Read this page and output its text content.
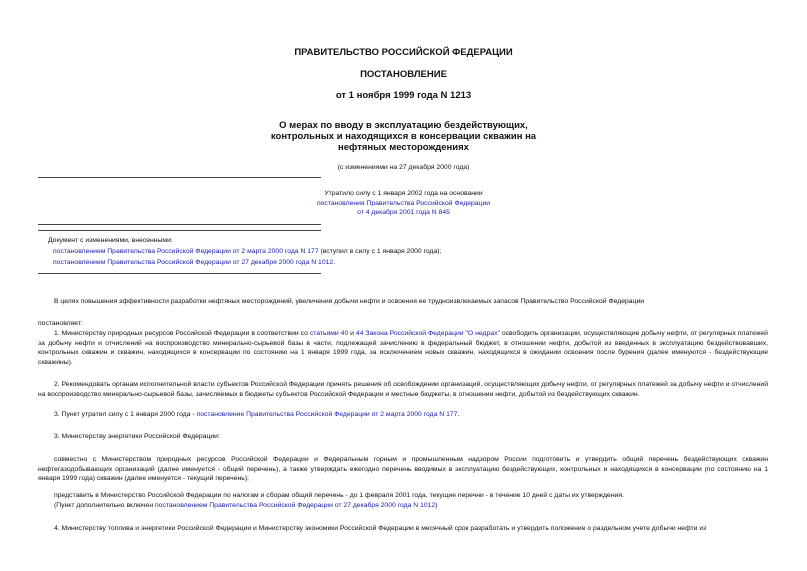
ПРАВИТЕЛЬСТВО РОССИЙСКОЙ ФЕДЕРАЦИИ
ПОСТАНОВЛЕНИЕ
от 1 ноября 1999 года N 1213
О мерах по вводу в эксплуатацию бездействующих,
контрольных и находящихся в консервации скважин на
нефтяных месторождениях
(с изменениями на 27 декабря 2000 года)
Утратило силу с 1 января 2002 года на основании
постановления Правительства Российской Федерации
от 4 декабря 2001 года N 845
Документ с изменениями, внесенными:
постановлением Правительства Российской Федерации от 2 марта 2000 года N 177 (вступил в силу с 1 января 2000 года);
постановлением Правительства Российской Федерации от 27 декабря 2000 года N 1012.
В целях повышения эффективности разработки нефтяных месторождений, увеличения добычи нефти и освоения ее трудноизвлекаемых запасов Правительство Российской Федерации
постановляет:
1. Министерству природных ресурсов Российской Федерации в соответствии со статьями 40 и 44 Закона Российской Федерации "О недрах" освободить организации, осуществляющие добычу нефти, от регулярных платежей за добычу нефти и отчислений на воспроизводство минерально-сырьевой базы в части, подлежащей зачислению в федеральный бюджет, в отношении нефти, добытой из введенных в эксплуатацию бездействовавших, контрольных скважин и скважин, находящихся в консервации по состоянию на 1 января 1999 года, за исключением новых скважин, находящихся в ожидании освоения после бурения (далее именуются - бездействующие скважины).
2. Рекомендовать органам исполнительной власти субъектов Российской Федерации принять решения об освобождении организаций, осуществляющих добычу нефти, от регулярных платежей за добычу нефти и отчислений на воспроизводство минерально-сырьевой базы, зачисляемых в бюджеты субъектов Российской Федерации и местные бюджеты, в отношении нефти, добытой из бездействующих скважин.
3. Пункт утратил силу с 1 января 2000 года - постановление Правительства Российской Федерации от 2 марта 2000 года N 177.
3. Министерству энергетики Российской Федерации:
совместно с Министерством природных ресурсов Российской Федерации и Федеральным горным и промышленным надзором России подготовить и утвердить общий перечень бездействующих скважин нефтегазодобывающих организаций (далее именуется - общий перечень), а также утверждать ежегодно перечень вводимых в эксплуатацию бездействующих, контрольных и находящихся в консервации (по состоянию на 1 января 1999 года) скважин (далее именуется - текущий перечень);
представить в Министерство Российской Федерации по налогам и сборам общий перечень - до 1 февраля 2001 года, текущие перечни - в течение 10 дней с даты их утверждения.
(Пункт дополнительно включен постановлением Правительства Российской Федерации от 27 декабря 2000 года N 1012)
4. Министерству топлива и энергетики Российской Федерации и Министерству экономики Российской Федерации в месячный срок разработать и утвердить положение о раздельном учете добычи нефти из
